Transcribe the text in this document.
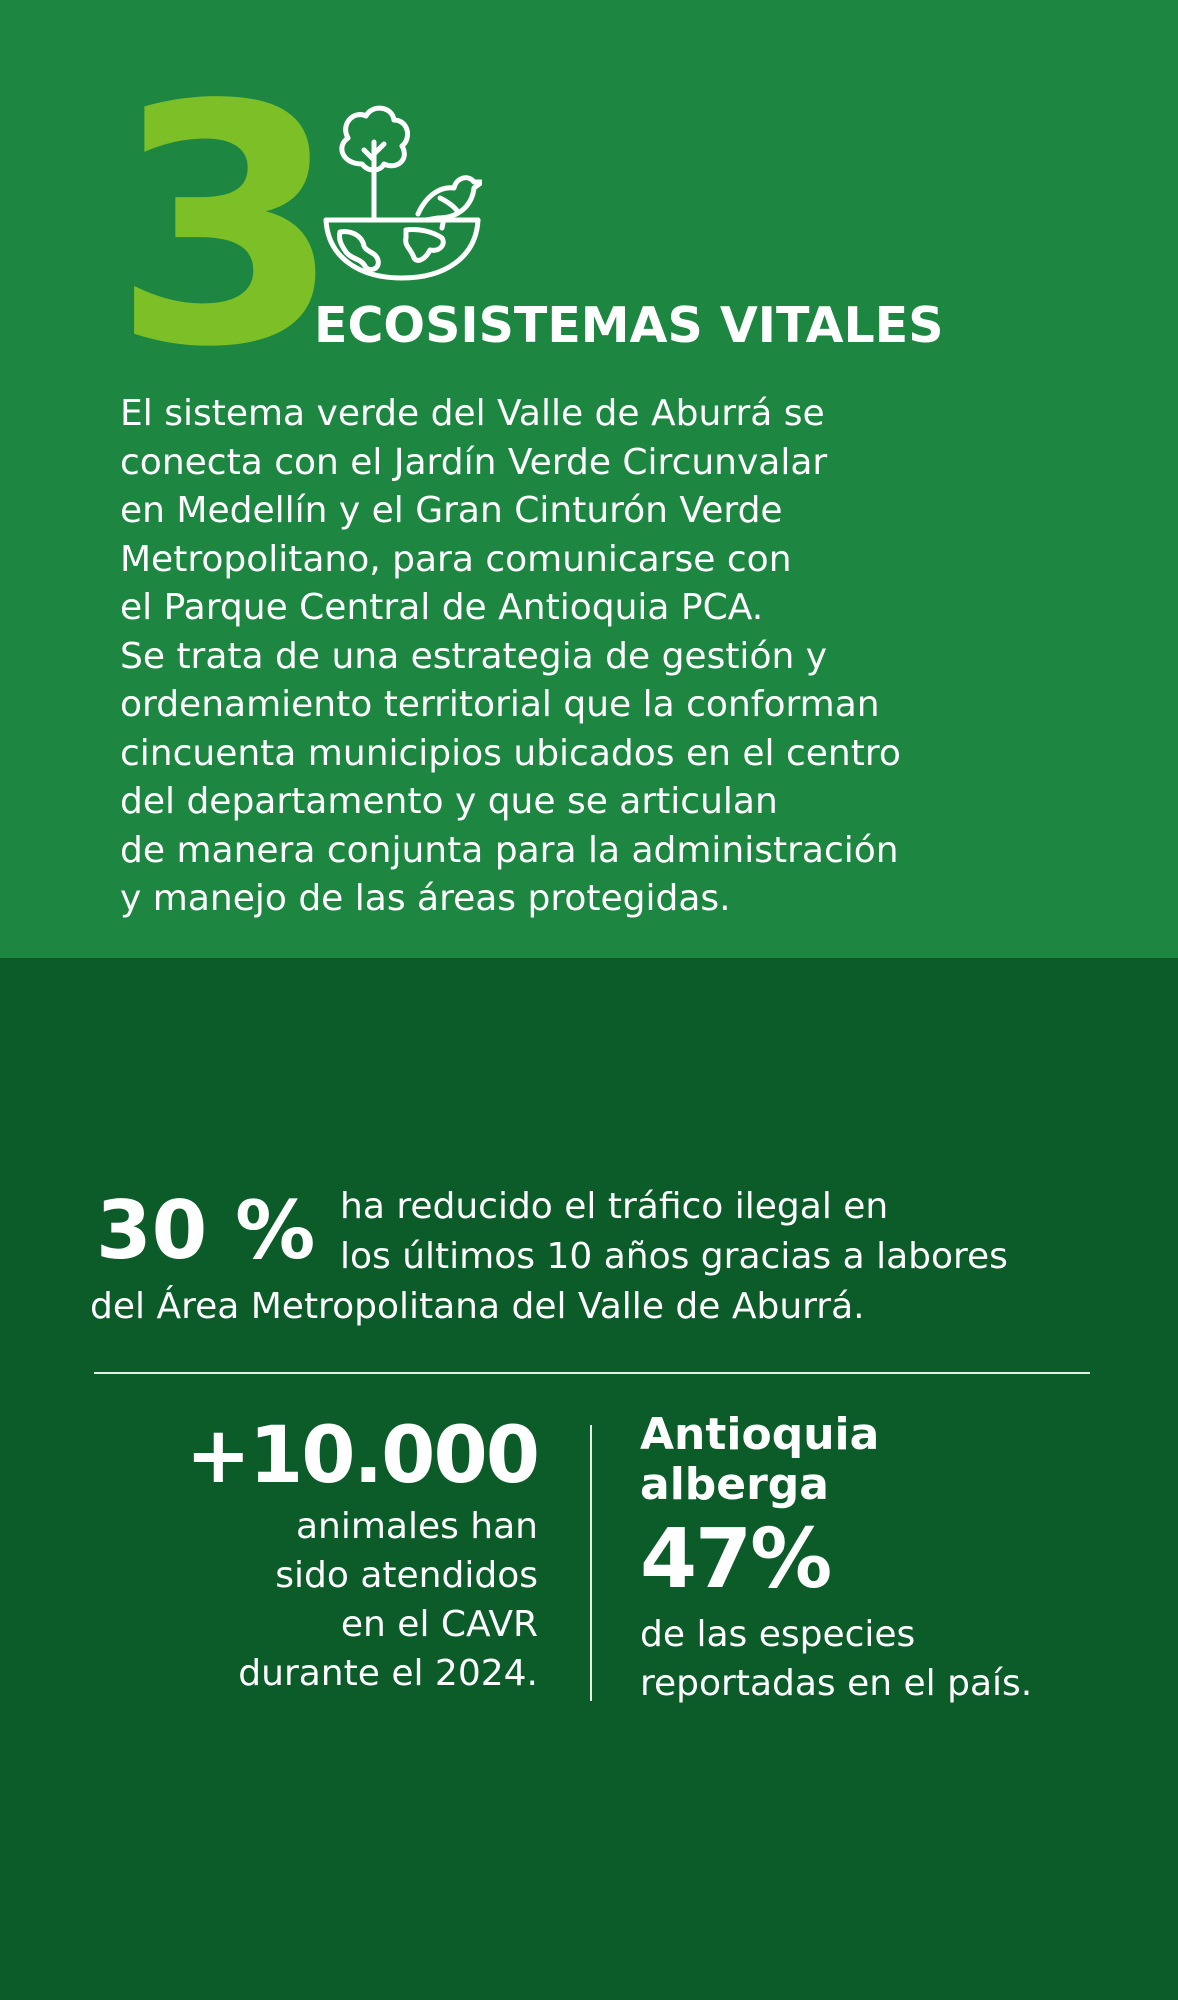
3
ECOSISTEMAS VITALES
El sistema verde del Valle de Aburrá se
conecta con el Jardín Verde Circunvalar
en Medellín y el Gran Cinturón Verde
Metropolitano, para comunicarse con
el Parque Central de Antioquia PCA.
Se trata de una estrategia de gestión y
ordenamiento territorial que la conforman
cincuenta municipios ubicados en el centro
del departamento y que se articulan
de manera conjunta para la administración
y manejo de las áreas protegidas.
30 % ha reducido el tráfico ilegal en
los últimos 10 años gracias a labores
del Área Metropolitana del Valle de Aburrá.
+10.000
animales han
sido atendidos
en el CAVR
durante el 2024.
Antioquia
alberga
47%
de las especies
reportadas en el país.
